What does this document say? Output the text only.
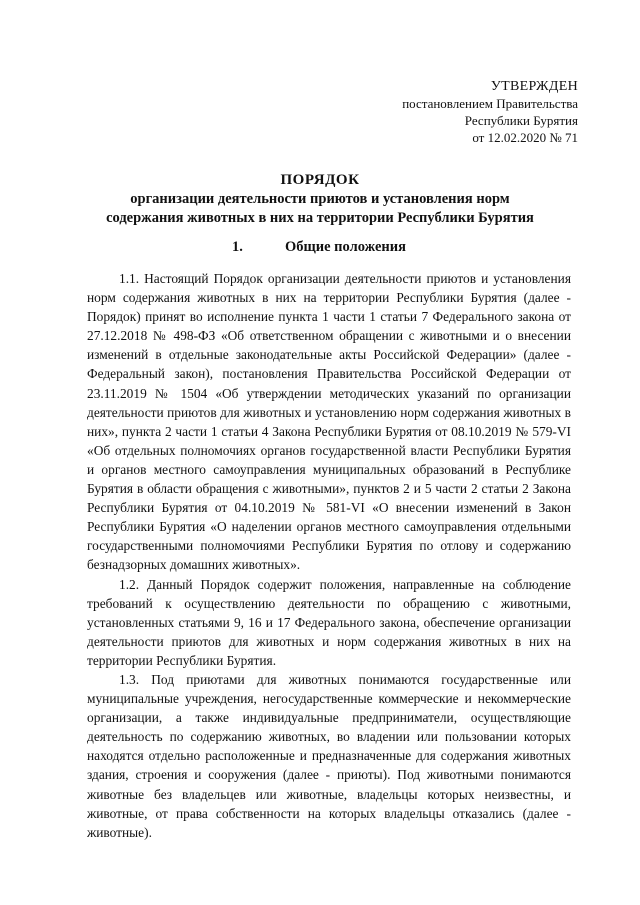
УТВЕРЖДЕН
постановлением Правительства
Республики Бурятия
от 12.02.2020 № 71
ПОРЯДОК
организации деятельности приютов и установления норм
содержания животных в них на территории Республики Бурятия
1.	Общие положения

1.1. Настоящий Порядок организации деятельности приютов и установления норм содержания животных в них на территории Республики Бурятия (далее - Порядок) принят во исполнение пункта 1 части 1 статьи 7 Федерального закона от 27.12.2018 № 498-ФЗ «Об ответственном обращении с животными и о внесении изменений в отдельные законодательные акты Российской Федерации» (далее - Федеральный закон), постановления Правительства Российской Федерации от 23.11.2019 № 1504 «Об утверждении методических указаний по организации деятельности приютов для животных и установлению норм содержания животных в них», пункта 2 части 1 статьи 4 Закона Республики Бурятия от 08.10.2019 № 579-VI «Об отдельных полномочиях органов государственной власти Республики Бурятия и органов местного самоуправления муниципальных образований в Республике Бурятия в области обращения с животными», пунктов 2 и 5 части 2 статьи 2 Закона Республики Бурятия от 04.10.2019 № 581-VI «О внесении изменений в Закон Республики Бурятия «О наделении органов местного самоуправления отдельными государственными полномочиями Республики Бурятия по отлову и содержанию безнадзорных домашних животных».

1.2. Данный Порядок содержит положения, направленные на соблюдение требований к осуществлению деятельности по обращению с животными, установленных статьями 9, 16 и 17 Федерального закона, обеспечение организации деятельности приютов для животных и норм содержания животных в них на территории Республики Бурятия.

1.3. Под приютами для животных понимаются государственные или муниципальные учреждения, негосударственные коммерческие и некоммерческие организации, а также индивидуальные предприниматели, осуществляющие деятельность по содержанию животных, во владении или пользовании которых находятся отдельно расположенные и предназначенные для содержания животных здания, строения и сооружения (далее - приюты). Под животными понимаются животные без владельцев или животные, владельцы которых неизвестны, и животные, от права собственности на которых владельцы отказались (далее - животные).
